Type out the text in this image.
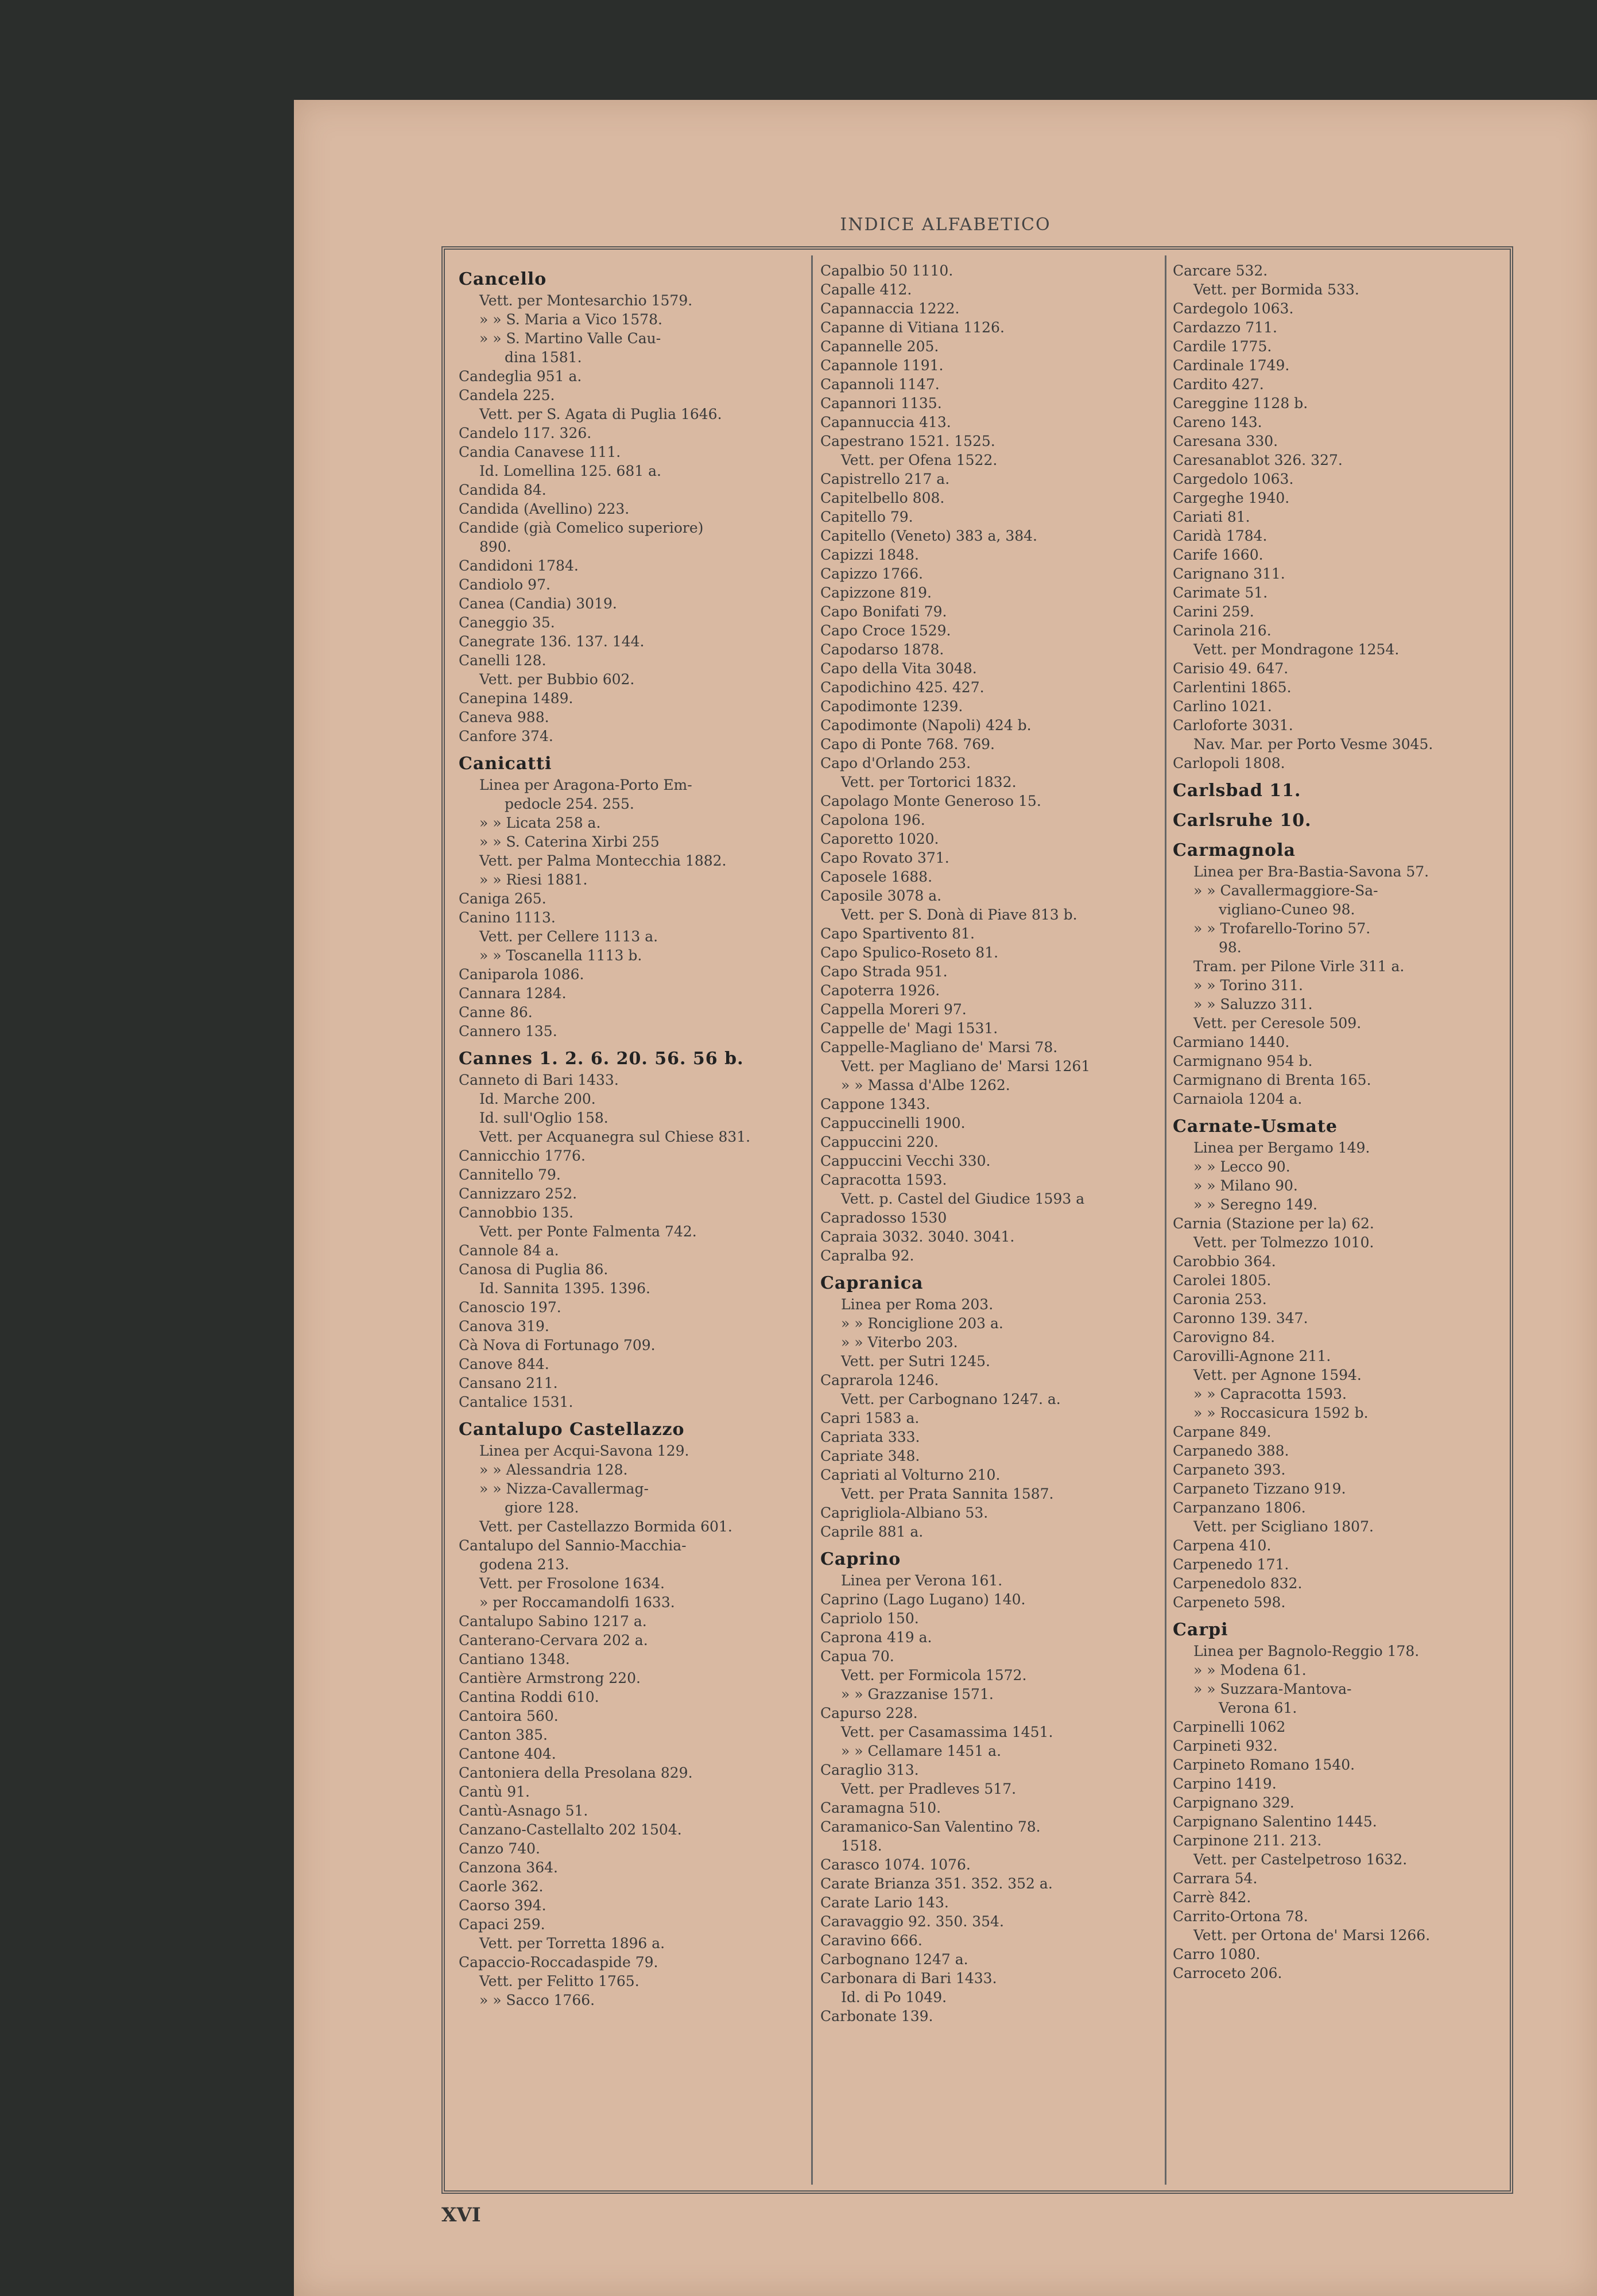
INDICE ALFABETICO
Cancello
Vett. per Montesarchio 1579.
» » S. Maria a Vico 1578.
» » S. Martino Valle Cau-
dina 1581.
Candeglia 951 a.
Candela 225.
Vett. per S. Agata di Puglia 1646.
Candelo 117. 326.
Candia Canavese 111.
Id. Lomellina 125. 681 a.
Candida 84.
Candida (Avellino) 223.
Candide (già Comelico superiore)
890.
Candidoni 1784.
Candiolo 97.
Canea (Candia) 3019.
Caneggio 35.
Canegrate 136. 137. 144.
Canelli 128.
Vett. per Bubbio 602.
Canepina 1489.
Caneva 988.
Canfore 374.
Canicatti
Linea per Aragona-Porto Em-
pedocle 254. 255.
» » Licata 258 a.
» » S. Caterina Xirbi 255
Vett. per Palma Montecchia 1882.
» » Riesi 1881.
Caniga 265.
Canino 1113.
Vett. per Cellere 1113 a.
» » Toscanella 1113 b.
Caniparola 1086.
Cannara 1284.
Canne 86.
Cannero 135.
Cannes 1. 2. 6. 20. 56. 56 b.
Canneto di Bari 1433.
Id. Marche 200.
Id. sull'Oglio 158.
Vett. per Acquanegra sul Chiese 831.
Cannicchio 1776.
Cannitello 79.
Cannizzaro 252.
Cannobbio 135.
Vett. per Ponte Falmenta 742.
Cannole 84 a.
Canosa di Puglia 86.
Id. Sannita 1395. 1396.
Canoscio 197.
Canova 319.
Cà Nova di Fortunago 709.
Canove 844.
Cansano 211.
Cantalice 1531.
Cantalupo Castellazzo
Linea per Acqui-Savona 129.
» » Alessandria 128.
» » Nizza-Cavallermag-
giore 128.
Vett. per Castellazzo Bormida 601.
Cantalupo del Sannio-Macchia-
godena 213.
Vett. per Frosolone 1634.
» per Roccamandolfi 1633.
Cantalupo Sabino 1217 a.
Canterano-Cervara 202 a.
Cantiano 1348.
Cantière Armstrong 220.
Cantina Roddi 610.
Cantoira 560.
Canton 385.
Cantone 404.
Cantoniera della Presolana 829.
Cantù 91.
Cantù-Asnago 51.
Canzano-Castellalto 202 1504.
Canzo 740.
Canzona 364.
Caorle 362.
Caorso 394.
Capaci 259.
Vett. per Torretta 1896 a.
Capaccio-Roccadaspide 79.
Vett. per Felitto 1765.
» » Sacco 1766.
Capalbio 50 1110.
Capalle 412.
Capannaccia 1222.
Capanne di Vitiana 1126.
Capannelle 205.
Capannole 1191.
Capannoli 1147.
Capannori 1135.
Capannuccia 413.
Capestrano 1521. 1525.
Vett. per Ofena 1522.
Capistrello 217 a.
Capitelbello 808.
Capitello 79.
Capitello (Veneto) 383 a, 384.
Capizzi 1848.
Capizzo 1766.
Capizzone 819.
Capo Bonifati 79.
Capo Croce 1529.
Capodarso 1878.
Capo della Vita 3048.
Capodichino 425. 427.
Capodimonte 1239.
Capodimonte (Napoli) 424 b.
Capo di Ponte 768. 769.
Capo d'Orlando 253.
Vett. per Tortorici 1832.
Capolago Monte Generoso 15.
Capolona 196.
Caporetto 1020.
Capo Rovato 371.
Caposele 1688.
Caposile 3078 a.
Vett. per S. Donà di Piave 813 b.
Capo Spartivento 81.
Capo Spulico-Roseto 81.
Capo Strada 951.
Capoterra 1926.
Cappella Moreri 97.
Cappelle de' Magi 1531.
Cappelle-Magliano de' Marsi 78.
Vett. per Magliano de' Marsi 1261
» » Massa d'Albe 1262.
Cappone 1343.
Cappuccinelli 1900.
Cappuccini 220.
Cappuccini Vecchi 330.
Capracotta 1593.
Vett. p. Castel del Giudice 1593 a
Capradosso 1530
Capraia 3032. 3040. 3041.
Capralba 92.
Capranica
Linea per Roma 203.
» » Ronciglione 203 a.
» » Viterbo 203.
Vett. per Sutri 1245.
Caprarola 1246.
Vett. per Carbognano 1247. a.
Capri 1583 a.
Capriata 333.
Capriate 348.
Capriati al Volturno 210.
Vett. per Prata Sannita 1587.
Caprigliola-Albiano 53.
Caprile 881 a.
Caprino
Linea per Verona 161.
Caprino (Lago Lugano) 140.
Capriolo 150.
Caprona 419 a.
Capua 70.
Vett. per Formicola 1572.
» » Grazzanise 1571.
Capurso 228.
Vett. per Casamassima 1451.
» » Cellamare 1451 a.
Caraglio 313.
Vett. per Pradleves 517.
Caramagna 510.
Caramanico-San Valentino 78.
1518.
Carasco 1074. 1076.
Carate Brianza 351. 352. 352 a.
Carate Lario 143.
Caravaggio 92. 350. 354.
Caravino 666.
Carbognano 1247 a.
Carbonara di Bari 1433.
Id. di Po 1049.
Carbonate 139.
Carcare 532.
Vett. per Bormida 533.
Cardegolo 1063.
Cardazzo 711.
Cardile 1775.
Cardinale 1749.
Cardito 427.
Careggine 1128 b.
Careno 143.
Caresana 330.
Caresanablot 326. 327.
Cargedolo 1063.
Cargeghe 1940.
Cariati 81.
Caridà 1784.
Carife 1660.
Carignano 311.
Carimate 51.
Carini 259.
Carinola 216.
Vett. per Mondragone 1254.
Carisio 49. 647.
Carlentini 1865.
Carlino 1021.
Carloforte 3031.
Nav. Mar. per Porto Vesme 3045.
Carlopoli 1808.
Carlsbad 11.
Carlsruhe 10.
Carmagnola
Linea per Bra-Bastia-Savona 57.
» » Cavallermaggiore-Sa-
vigliano-Cuneo 98.
» » Trofarello-Torino 57.
98.
Tram. per Pilone Virle 311 a.
» » Torino 311.
» » Saluzzo 311.
Vett. per Ceresole 509.
Carmiano 1440.
Carmignano 954 b.
Carmignano di Brenta 165.
Carnaiola 1204 a.
Carnate-Usmate
Linea per Bergamo 149.
» » Lecco 90.
» » Milano 90.
» » Seregno 149.
Carnia (Stazione per la) 62.
Vett. per Tolmezzo 1010.
Carobbio 364.
Carolei 1805.
Caronia 253.
Caronno 139. 347.
Carovigno 84.
Carovilli-Agnone 211.
Vett. per Agnone 1594.
» » Capracotta 1593.
» » Roccasicura 1592 b.
Carpane 849.
Carpanedo 388.
Carpaneto 393.
Carpaneto Tizzano 919.
Carpanzano 1806.
Vett. per Scigliano 1807.
Carpena 410.
Carpenedo 171.
Carpenedolo 832.
Carpeneto 598.
Carpi
Linea per Bagnolo-Reggio 178.
» » Modena 61.
» » Suzzara-Mantova-
Verona 61.
Carpinelli 1062
Carpineti 932.
Carpineto Romano 1540.
Carpino 1419.
Carpignano 329.
Carpignano Salentino 1445.
Carpinone 211. 213.
Vett. per Castelpetroso 1632.
Carrara 54.
Carrè 842.
Carrito-Ortona 78.
Vett. per Ortona de' Marsi 1266.
Carro 1080.
Carroceto 206.
XVI
